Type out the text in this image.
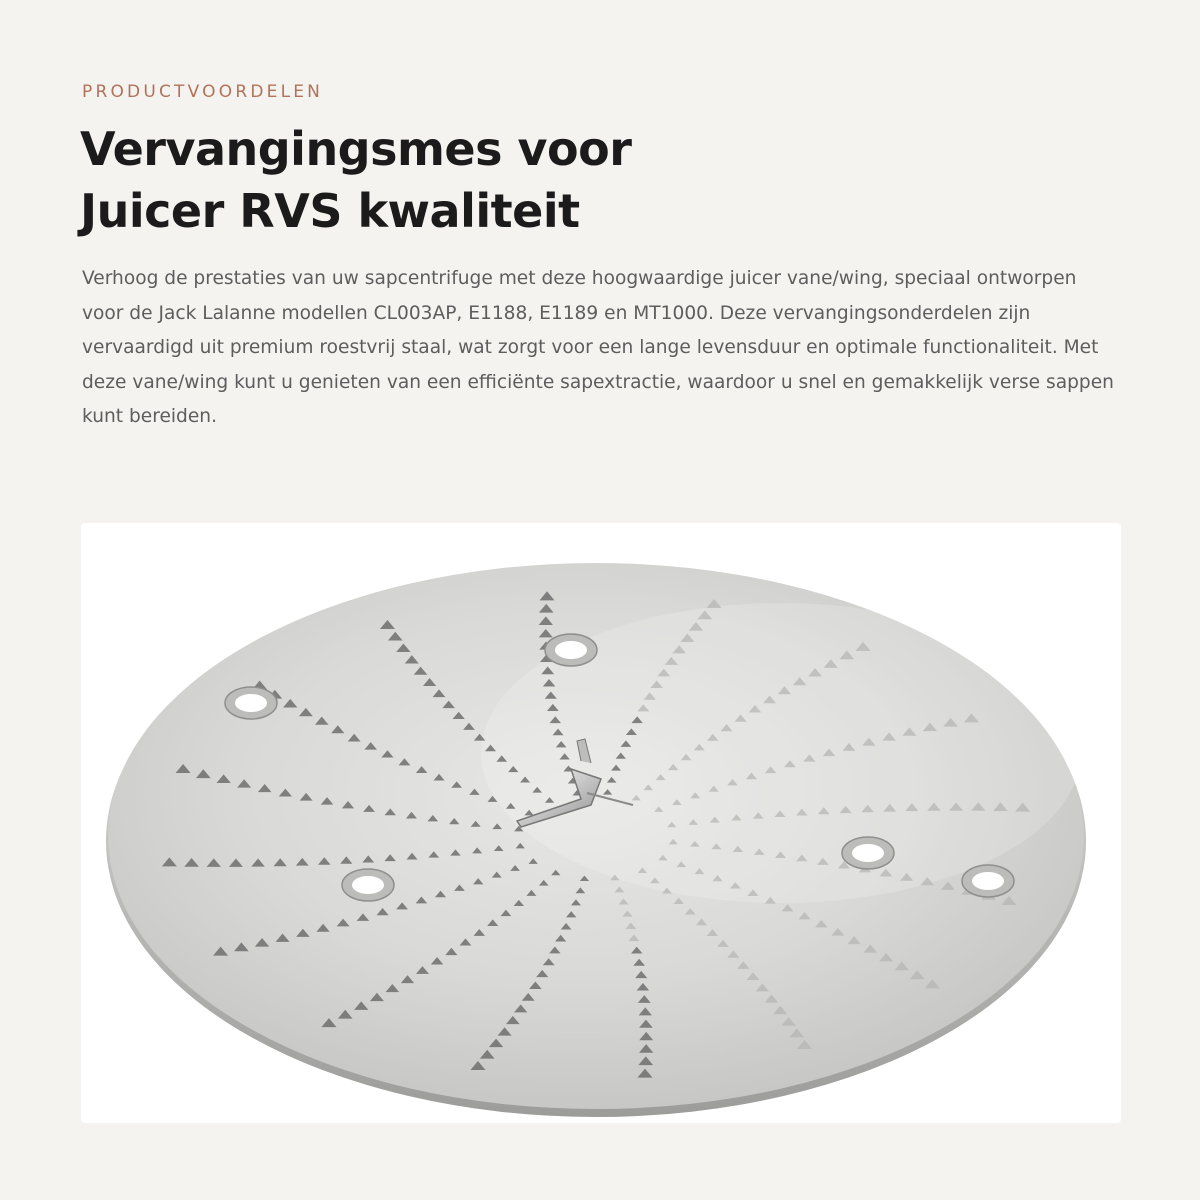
PRODUCTVOORDELEN

Vervangingsmes voor
Juicer RVS kwaliteit

Verhoog de prestaties van uw sapcentrifuge met deze hoogwaardige juicer vane/wing, speciaal ontworpen voor de Jack Lalanne modellen CL003AP, E1188, E1189 en MT1000. Deze vervangingsonderdelen zijn vervaardigd uit premium roestvrij staal, wat zorgt voor een lange levensduur en optimale functionaliteit. Met deze vane/wing kunt u genieten van een efficiënte sapextractie, waardoor u snel en gemakkelijk verse sappen kunt bereiden.
